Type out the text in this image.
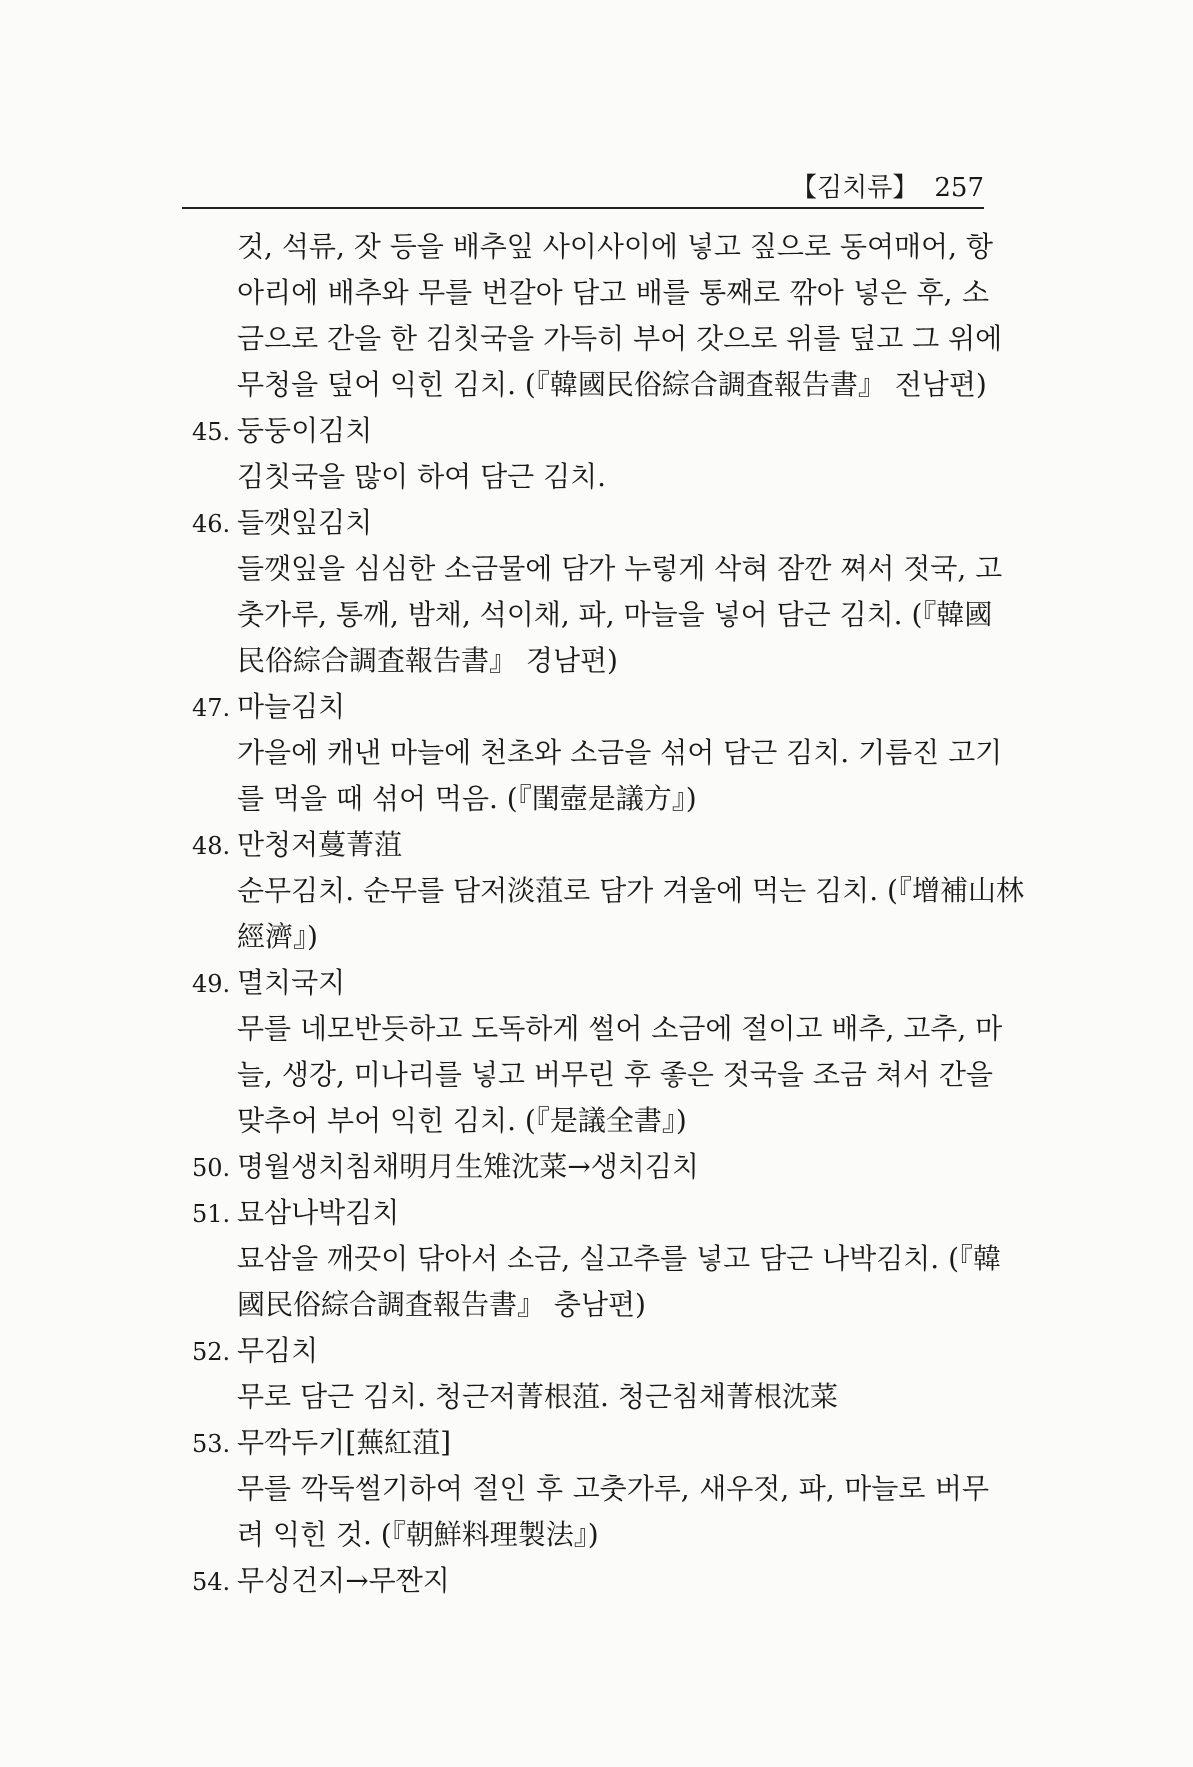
【김치류】 257

것, 석류, 잣 등을 배추잎 사이사이에 넣고 짚으로 동여매어, 항

아리에 배추와 무를 번갈아 담고 배를 통째로 깎아 넣은 후, 소

금으로 간을 한 김칫국을 가득히 부어 갓으로 위를 덮고 그 위에

무청을 덮어 익힌 김치. (『韓國民俗綜合調査報告書』 전남편)

45. 둥둥이김치

김칫국을 많이 하여 담근 김치.

46. 들깻잎김치

들깻잎을 심심한 소금물에 담가 누렇게 삭혀 잠깐 쪄서 젓국, 고

춧가루, 통깨, 밤채, 석이채, 파, 마늘을 넣어 담근 김치. (『韓國

民俗綜合調査報告書』 경남편)

47. 마늘김치

가을에 캐낸 마늘에 천초와 소금을 섞어 담근 김치. 기름진 고기

를 먹을 때 섞어 먹음. (『閨壼是議方』)

48. 만청저蔓菁菹

순무김치. 순무를 담저淡菹로 담가 겨울에 먹는 김치. (『增補山林

經濟』)

49. 멸치국지

무를 네모반듯하고 도독하게 썰어 소금에 절이고 배추, 고추, 마

늘, 생강, 미나리를 넣고 버무린 후 좋은 젓국을 조금 쳐서 간을

맞추어 부어 익힌 김치. (『是議全書』)

50. 명월생치침채明月生雉沈菜→생치김치

51. 묘삼나박김치

묘삼을 깨끗이 닦아서 소금, 실고추를 넣고 담근 나박김치. (『韓

國民俗綜合調査報告書』 충남편)

52. 무김치

무로 담근 김치. 청근저菁根菹. 청근침채菁根沈菜

53. 무깍두기[蕪紅菹]

무를 깍둑썰기하여 절인 후 고춧가루, 새우젓, 파, 마늘로 버무

려 익힌 것. (『朝鮮料理製法』)

54. 무싱건지→무짠지
